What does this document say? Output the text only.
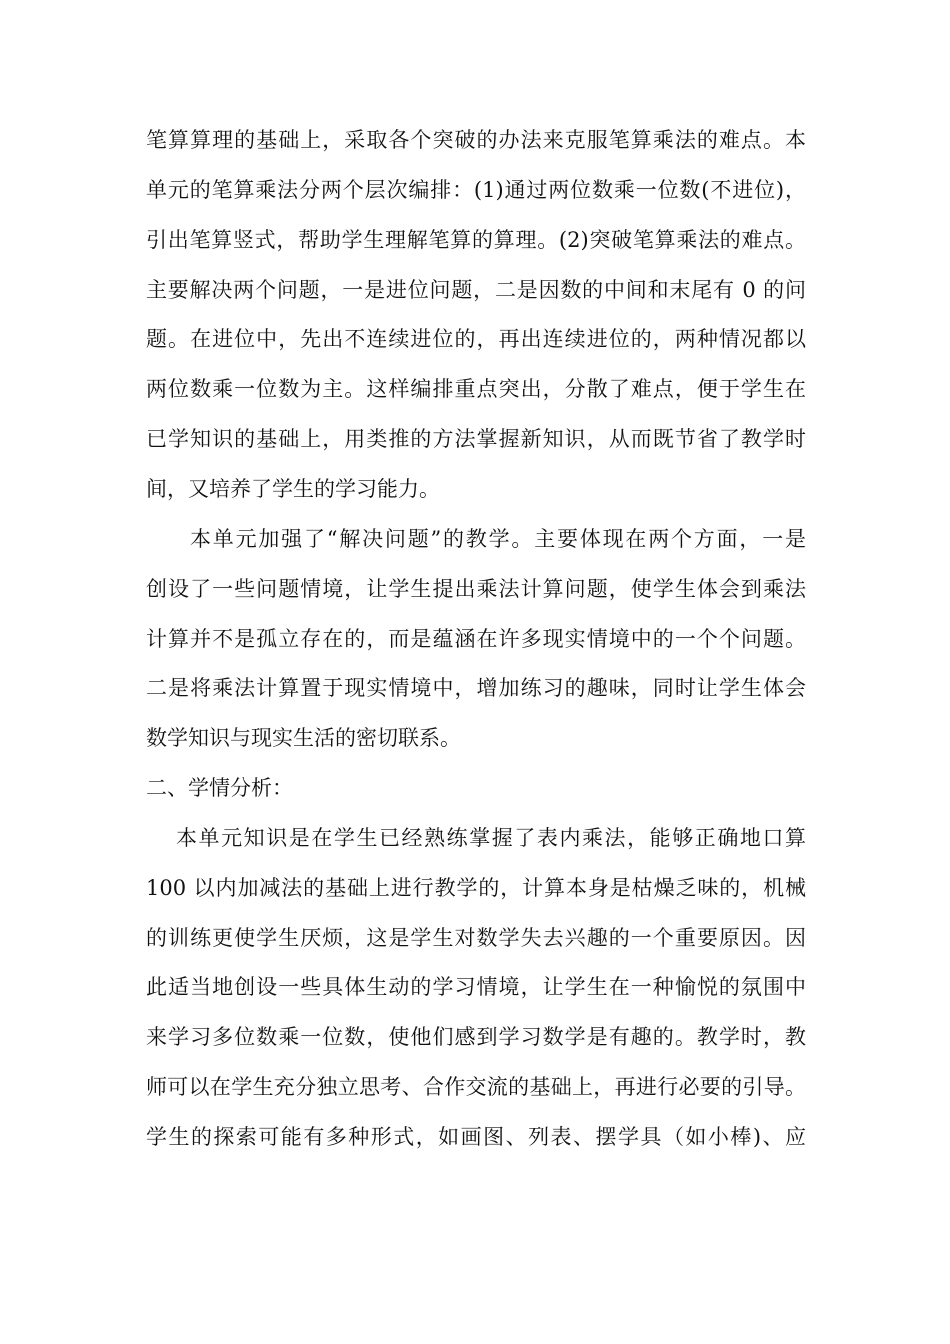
笔算算理的基础上，采取各个突破的办法来克服笔算乘法的难点。本
单元的笔算乘法分两个层次编排：(1)通过两位数乘一位数(不进位)，
引出笔算竖式，帮助学生理解笔算的算理。(2)突破笔算乘法的难点。
主要解决两个问题，一是进位问题，二是因数的中间和末尾有 0 的问
题。在进位中，先出不连续进位的，再出连续进位的，两种情况都以
两位数乘一位数为主。这样编排重点突出，分散了难点，便于学生在
已学知识的基础上，用类推的方法掌握新知识，从而既节省了教学时
间，又培养了学生的学习能力。
本单元加强了“解决问题”的教学。主要体现在两个方面，一是
创设了一些问题情境，让学生提出乘法计算问题，使学生体会到乘法
计算并不是孤立存在的，而是蕴涵在许多现实情境中的一个个问题。
二是将乘法计算置于现实情境中，增加练习的趣味，同时让学生体会
数学知识与现实生活的密切联系。
二、学情分析：
本单元知识是在学生已经熟练掌握了表内乘法，能够正确地口算
100 以内加减法的基础上进行教学的，计算本身是枯燥乏味的，机械
的训练更使学生厌烦，这是学生对数学失去兴趣的一个重要原因。因
此适当地创设一些具体生动的学习情境，让学生在一种愉悦的氛围中
来学习多位数乘一位数，使他们感到学习数学是有趣的。教学时，教
师可以在学生充分独立思考、合作交流的基础上，再进行必要的引导。
学生的探索可能有多种形式，如画图、列表、摆学具（如小棒)、应
